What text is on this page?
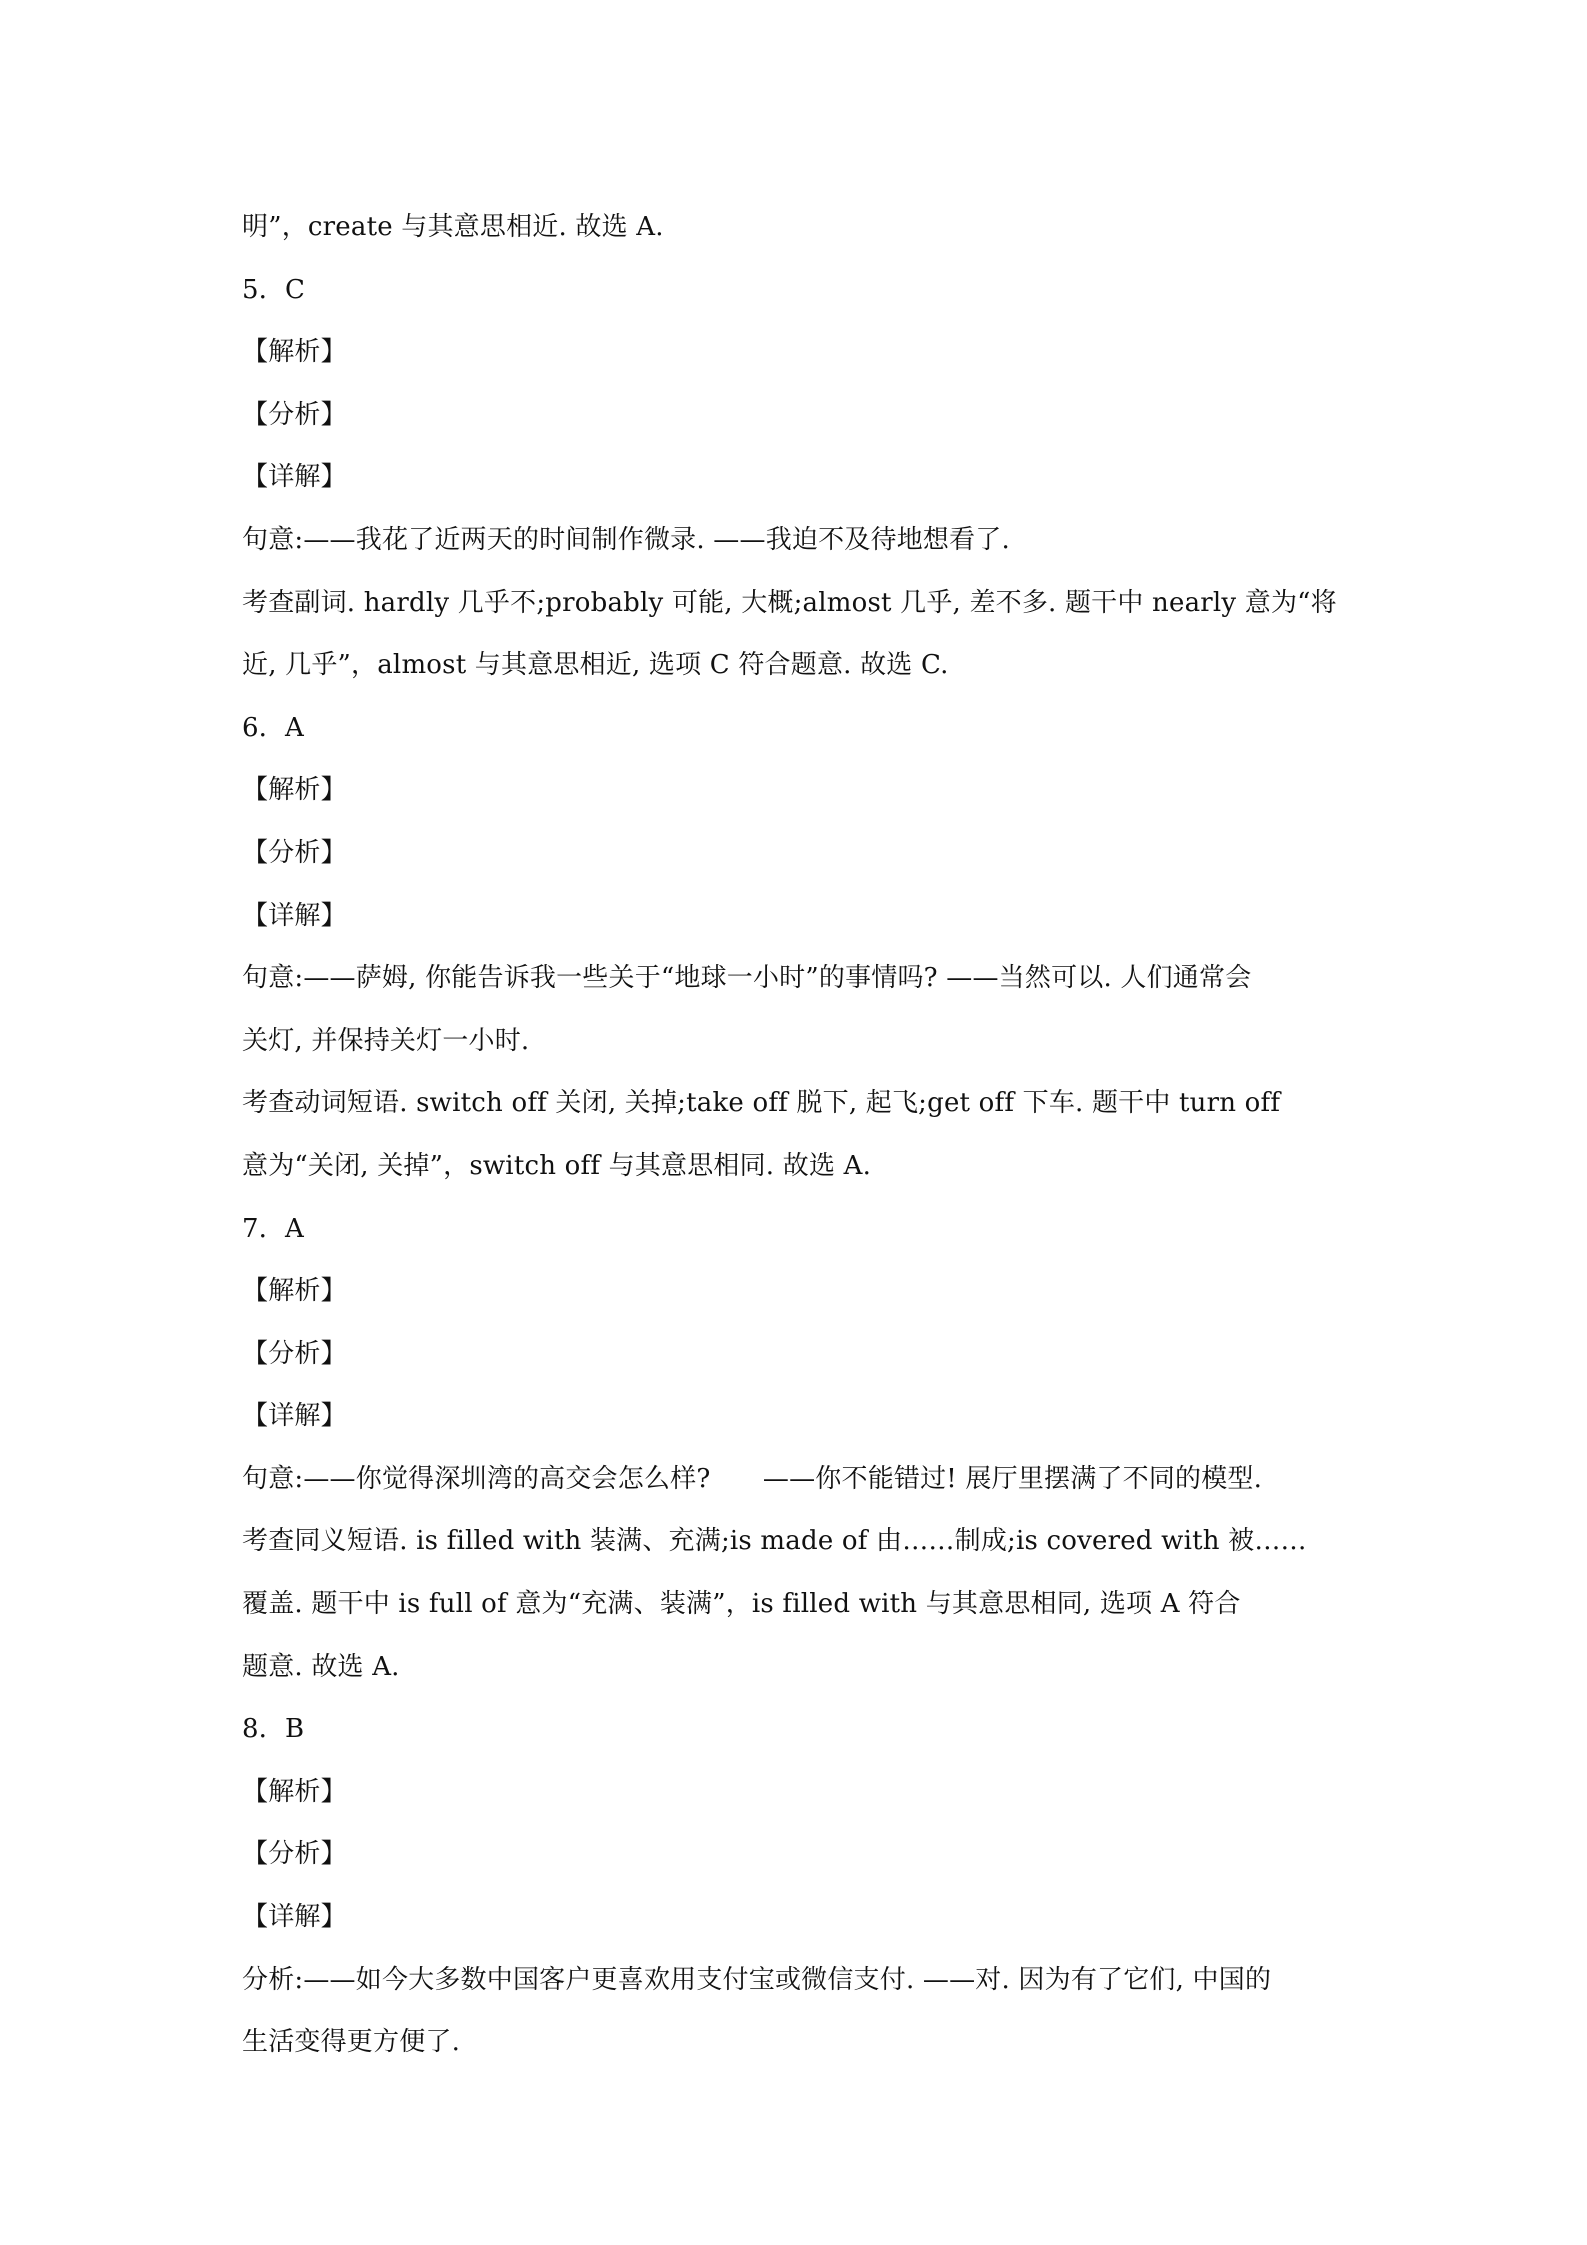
明”，create 与其意思相近. 故选 A.
5．C
【解析】
【分析】
【详解】
句意:——我花了近两天的时间制作微录. ——我迫不及待地想看了.
考查副词. hardly 几乎不;probably 可能, 大概;almost 几乎, 差不多. 题干中 nearly 意为“将
近, 几乎”，almost 与其意思相近, 选项 C 符合题意. 故选 C.
6．A
【解析】
【分析】
【详解】
句意:——萨姆, 你能告诉我一些关于“地球一小时”的事情吗? ——当然可以. 人们通常会
关灯, 并保持关灯一小时.
考查动词短语. switch off 关闭, 关掉;take off 脱下, 起飞;get off 下车. 题干中 turn off
意为“关闭, 关掉”，switch off 与其意思相同. 故选 A.
7．A
【解析】
【分析】
【详解】
句意:——你觉得深圳湾的高交会怎么样?　　——你不能错过! 展厅里摆满了不同的模型.
考查同义短语. is filled with 装满、充满;is made of 由……制成;is covered with 被……
覆盖. 题干中 is full of 意为“充满、装满”，is filled with 与其意思相同, 选项 A 符合
题意. 故选 A.
8．B
【解析】
【分析】
【详解】
分析:——如今大多数中国客户更喜欢用支付宝或微信支付. ——对. 因为有了它们, 中国的
生活变得更方便了.
